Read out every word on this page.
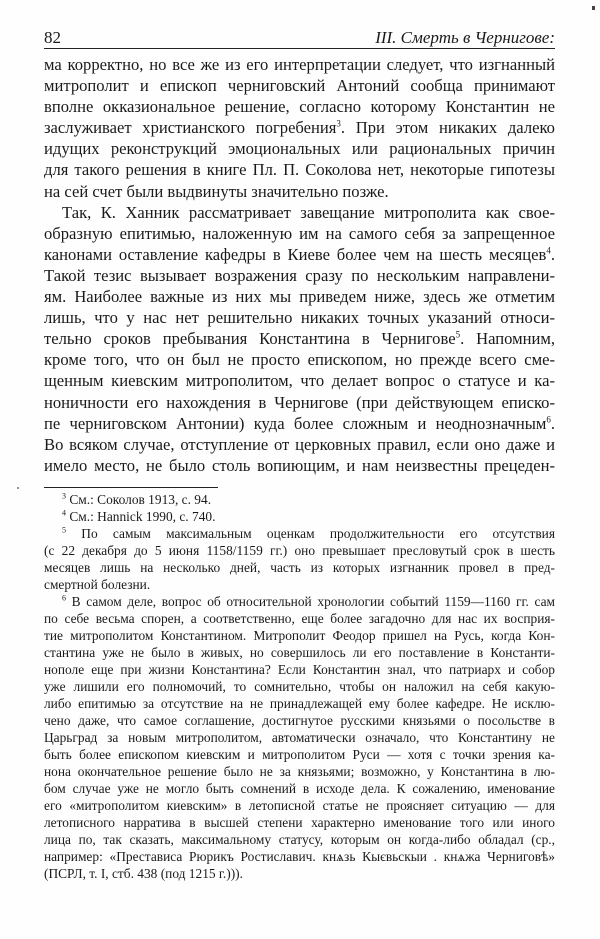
82	III. Смерть в Чернигове:
ма корректно, но все же из его интерпретации следует, что изгнанный
митрополит и епископ черниговский Антоний сообща принимают
вполне окказиональное решение, согласно которому Константин не
заслуживает христианского погребения$^3$. При этом никаких далеко
идущих реконструкций эмоциональных или рациональных причин
для такого решения в книге Пл. П. Соколова нет, некоторые гипотезы
на сей счет были выдвинуты значительно позже.
Так, К. Ханник рассматривает завещание митрополита как свое-
образную епитимью, наложенную им на самого себя за запрещенное
канонами оставление кафедры в Киеве более чем на шесть месяцев$^4$.
Такой тезис вызывает возражения сразу по нескольким направлени-
ям. Наиболее важные из них мы приведем ниже, здесь же отметим
лишь, что у нас нет решительно никаких точных указаний относи-
тельно сроков пребывания Константина в Чернигове$^5$. Напомним,
кроме того, что он был не просто епископом, но прежде всего сме-
щенным киевским митрополитом, что делает вопрос о статусе и ка-
ноничности его нахождения в Чернигове (при действующем еписко-
пе черниговском Антонии) куда более сложным и неоднозначным$^6$.
Во всяком случае, отступление от церковных правил, если оно даже и
имело место, не было столь вопиющим, и нам неизвестны прецеден-
$^3$ См.: Соколов 1913, с. 94.
$^4$ См.: Hannick 1990, с. 740.
$^5$ По самым максимальным оценкам продолжительности его отсутствия
(с 22 декабря до 5 июня 1158/1159 гг.) оно превышает пресловутый срок в шесть
месяцев лишь на несколько дней, часть из которых изгнанник провел в пред-
смертной болезни.
$^6$ В самом деле, вопрос об относительной хронологии событий 1159—1160 гг. сам
по себе весьма спорен, а соответственно, еще более загадочно для нас их восприя-
тие митрополитом Константином. Митрополит Феодор пришел на Русь, когда Кон-
стантина уже не было в живых, но совершилось ли его поставление в Константи-
нополе еще при жизни Константина? Если Константин знал, что патриарх и собор
уже лишили его полномочий, то сомнительно, чтобы он наложил на себя какую-
либо епитимью за отсутствие на не принадлежащей ему более кафедре. Не исклю-
чено даже, что самое соглашение, достигнутое русскими князьями о посольстве в
Царьград за новым митрополитом, автоматически означало, что Константину не
быть более епископом киевским и митрополитом Руси — хотя с точки зрения ка-
нона окончательное решение было не за князьями; возможно, у Константина в лю-
бом случае уже не могло быть сомнений в исходе дела. К сожалению, именование
его «митрополитом киевским» в летописной статье не проясняет ситуацию — для
летописного нарратива в высшей степени характерно именование того или иного
лица по, так сказать, максимальному статусу, которым он когда-либо обладал (ср.,
например: «Престависа Рюрикъ Ростиславич. кнѧзь Кыєвьскыи . кнѧжа Черниговѣ»
(ПСРЛ, т. I, стб. 438 (под 1215 г.))).
